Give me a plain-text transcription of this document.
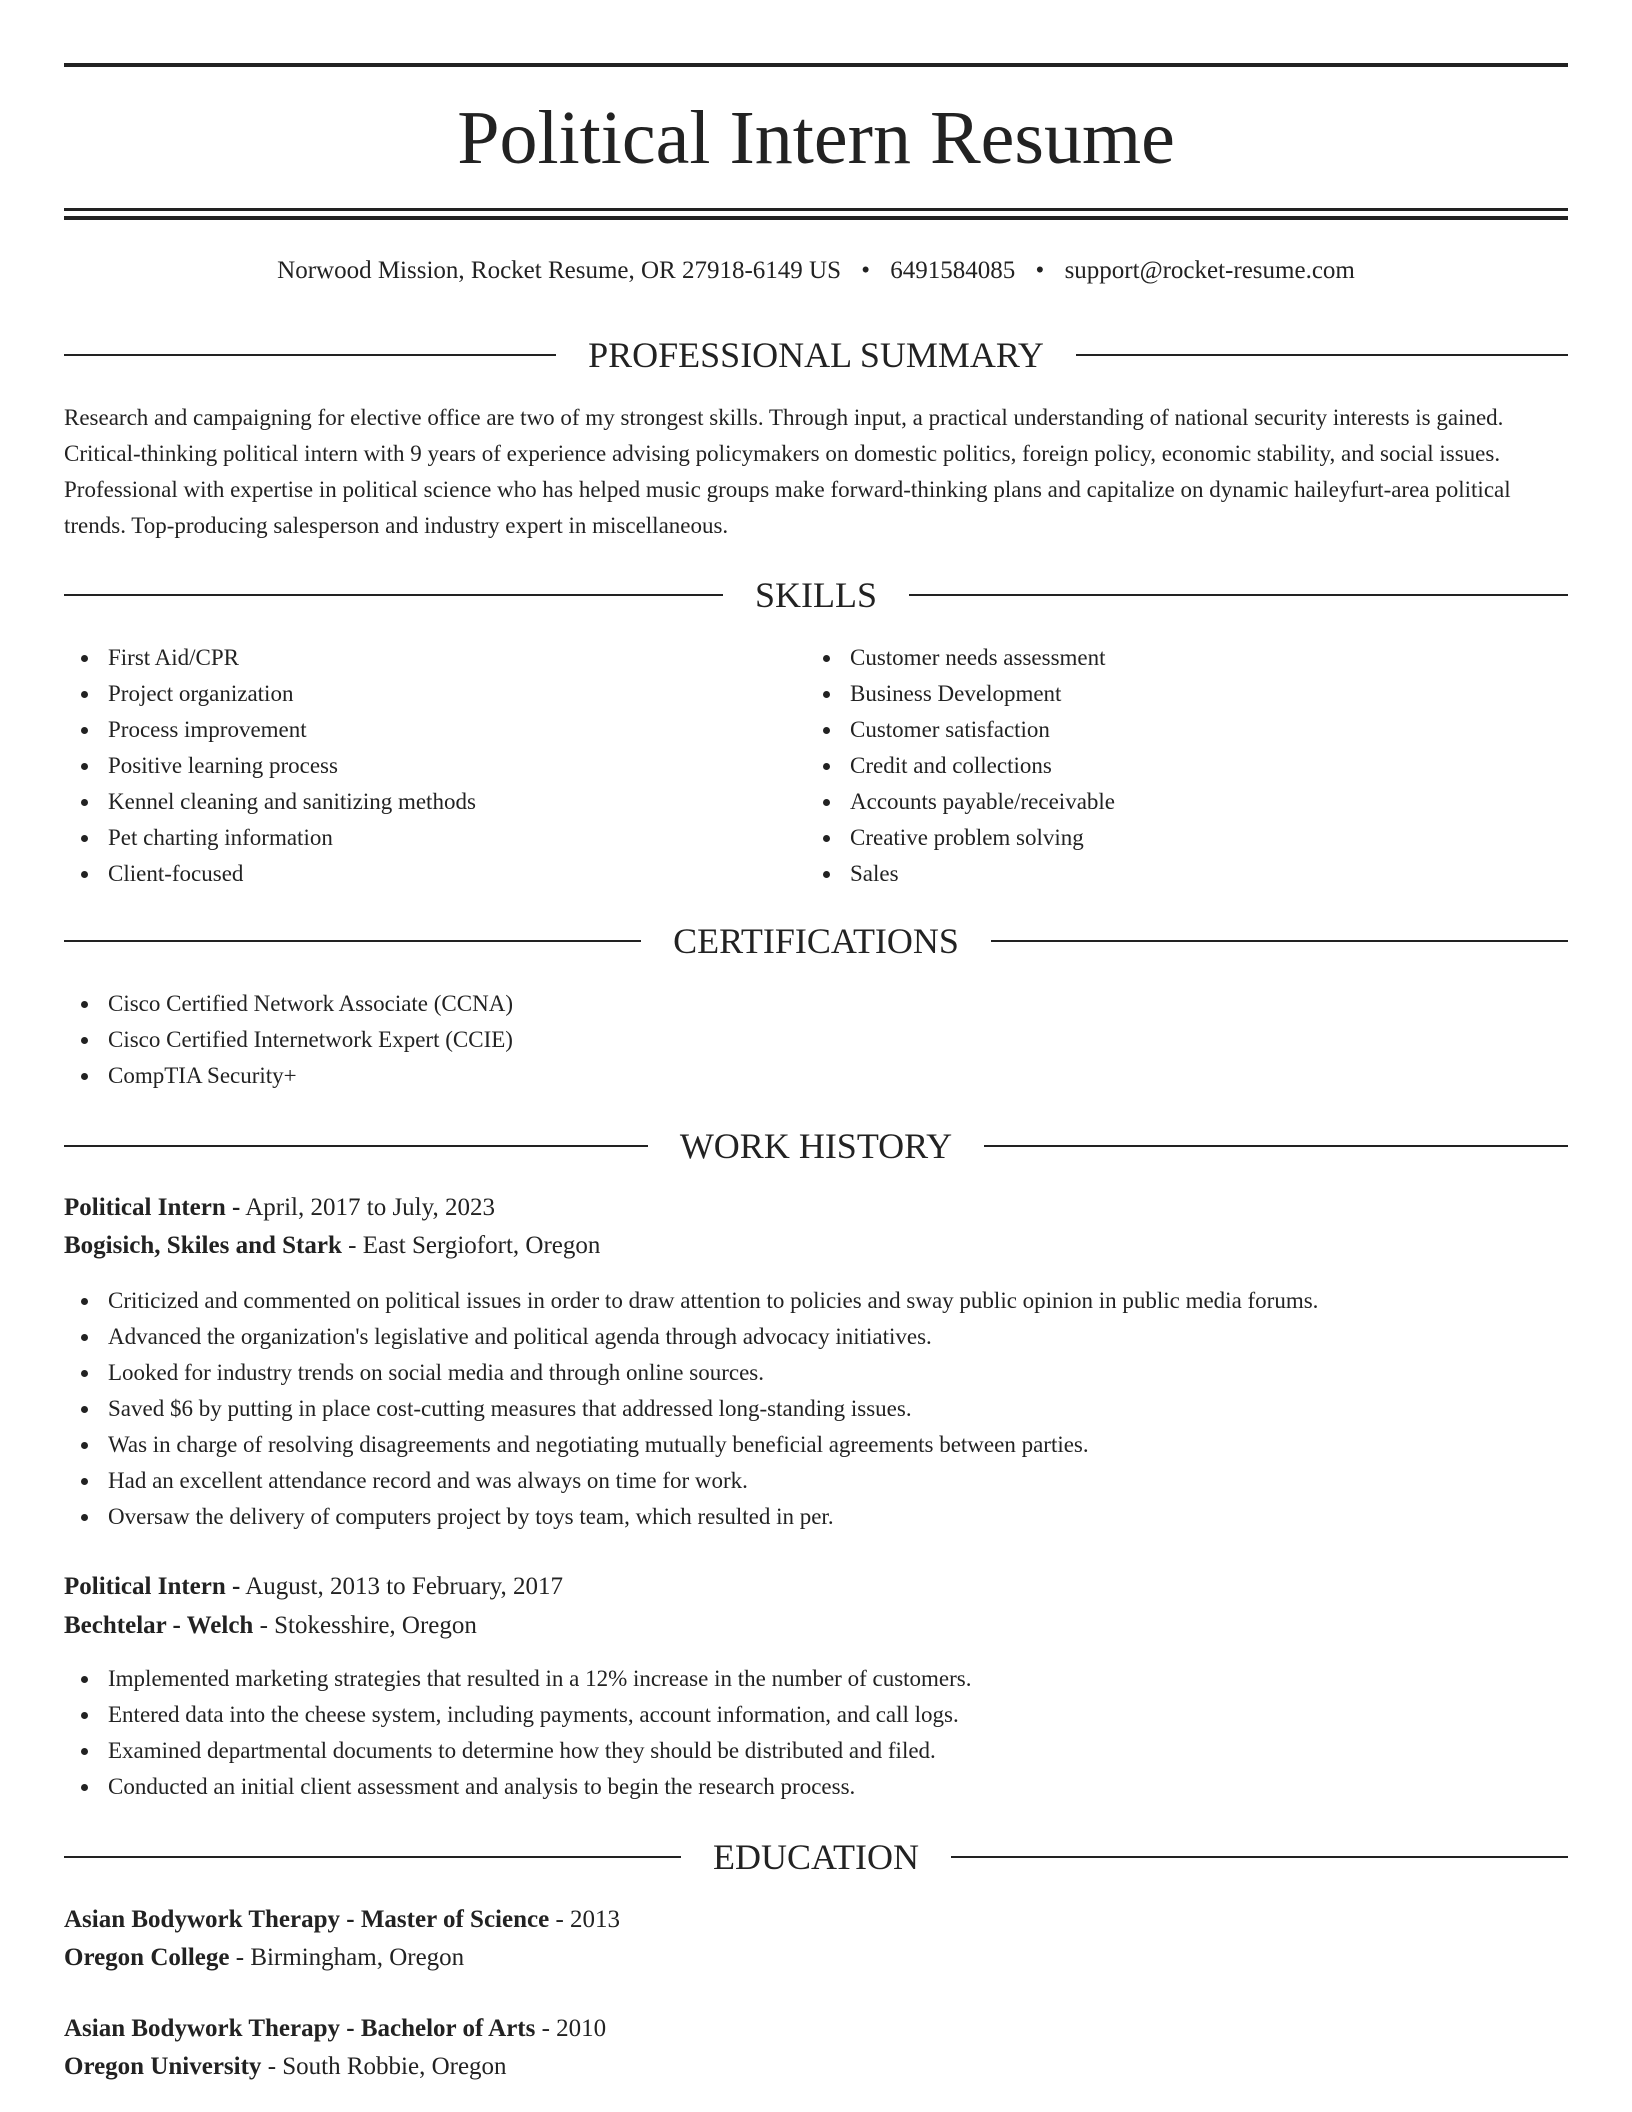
Political Intern Resume
Norwood Mission, Rocket Resume, OR 27918-6149 US • 6491584085 • support@rocket-resume.com
PROFESSIONAL SUMMARY

Research and campaigning for elective office are two of my strongest skills. Through input, a practical understanding of national security interests is gained. Critical-thinking political intern with 9 years of experience advising policymakers on domestic politics, foreign policy, economic stability, and social issues. Professional with expertise in political science who has helped music groups make forward-thinking plans and capitalize on dynamic haileyfurt-area political trends. Top-producing salesperson and industry expert in miscellaneous.

SKILLS
First Aid/CPR
Project organization
Process improvement
Positive learning process
Kennel cleaning and sanitizing methods
Pet charting information
Client-focused
Customer needs assessment
Business Development
Customer satisfaction
Credit and collections
Accounts payable/receivable
Creative problem solving
Sales
CERTIFICATIONS
Cisco Certified Network Associate (CCNA)
Cisco Certified Internetwork Expert (CCIE)
CompTIA Security+
WORK HISTORY
Political Intern - April, 2017 to July, 2023
Bogisich, Skiles and Stark - East Sergiofort, Oregon
Criticized and commented on political issues in order to draw attention to policies and sway public opinion in public media forums.
Advanced the organization's legislative and political agenda through advocacy initiatives.
Looked for industry trends on social media and through online sources.
Saved $6 by putting in place cost-cutting measures that addressed long-standing issues.
Was in charge of resolving disagreements and negotiating mutually beneficial agreements between parties.
Had an excellent attendance record and was always on time for work.
Oversaw the delivery of computers project by toys team, which resulted in per.
Political Intern - August, 2013 to February, 2017
Bechtelar - Welch - Stokesshire, Oregon
Implemented marketing strategies that resulted in a 12% increase in the number of customers.
Entered data into the cheese system, including payments, account information, and call logs.
Examined departmental documents to determine how they should be distributed and filed.
Conducted an initial client assessment and analysis to begin the research process.
EDUCATION
Asian Bodywork Therapy - Master of Science - 2013
Oregon College - Birmingham, Oregon
Asian Bodywork Therapy - Bachelor of Arts - 2010
Oregon University - South Robbie, Oregon
